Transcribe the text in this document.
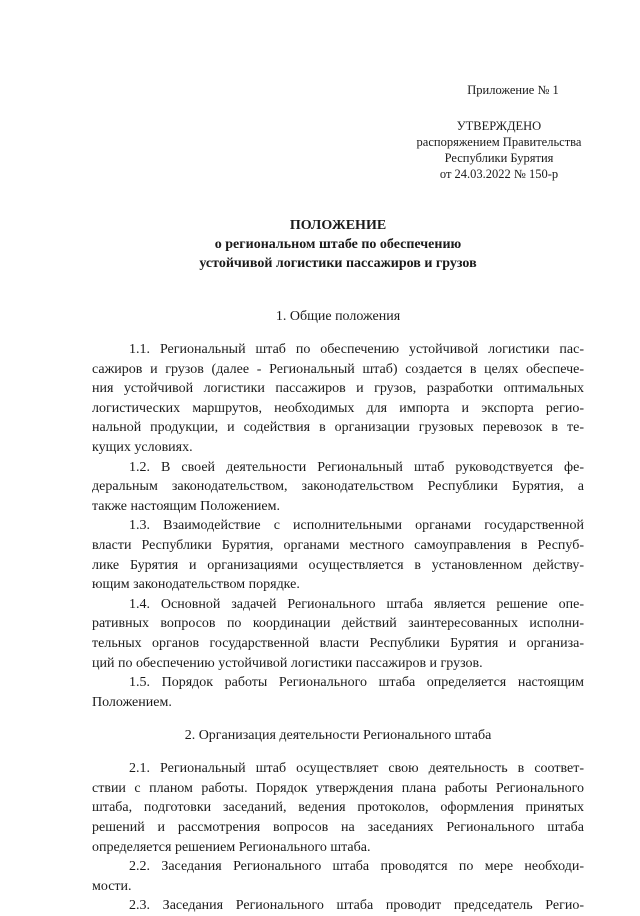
Приложение № 1
УТВЕРЖДЕНО
распоряжением Правительства
Республики Бурятия
от 24.03.2022 № 150-р
ПОЛОЖЕНИЕ
о региональном штабе по обеспечению
устойчивой логистики пассажиров и грузов
1. Общие положения
1.1. Региональный штаб по обеспечению устойчивой логистики пас-
сажиров и грузов (далее - Региональный штаб) создается в целях обеспече-
ния устойчивой логистики пассажиров и грузов, разработки оптимальных
логистических маршрутов, необходимых для импорта и экспорта регио-
нальной продукции, и содействия в организации грузовых перевозок в те-
кущих условиях.
1.2. В своей деятельности Региональный штаб руководствуется фе-
деральным законодательством, законодательством Республики Бурятия, а
также настоящим Положением.
1.3. Взаимодействие с исполнительными органами государственной
власти Республики Бурятия, органами местного самоуправления в Респуб-
лике Бурятия и организациями осуществляется в установленном действу-
ющим законодательством порядке.
1.4. Основной задачей Регионального штаба является решение опе-
ративных вопросов по координации действий заинтересованных исполни-
тельных органов государственной власти Республики Бурятия и организа-
ций по обеспечению устойчивой логистики пассажиров и грузов.
1.5. Порядок работы Регионального штаба определяется настоящим
Положением.
2. Организация деятельности Регионального штаба
2.1. Региональный штаб осуществляет свою деятельность в соответ-
ствии с планом работы. Порядок утверждения плана работы Регионального
штаба, подготовки заседаний, ведения протоколов, оформления принятых
решений и рассмотрения вопросов на заседаниях Регионального штаба
определяется решением Регионального штаба.
2.2. Заседания Регионального штаба проводятся по мере необходи-
мости.
2.3. Заседания Регионального штаба проводит председатель Регио-
